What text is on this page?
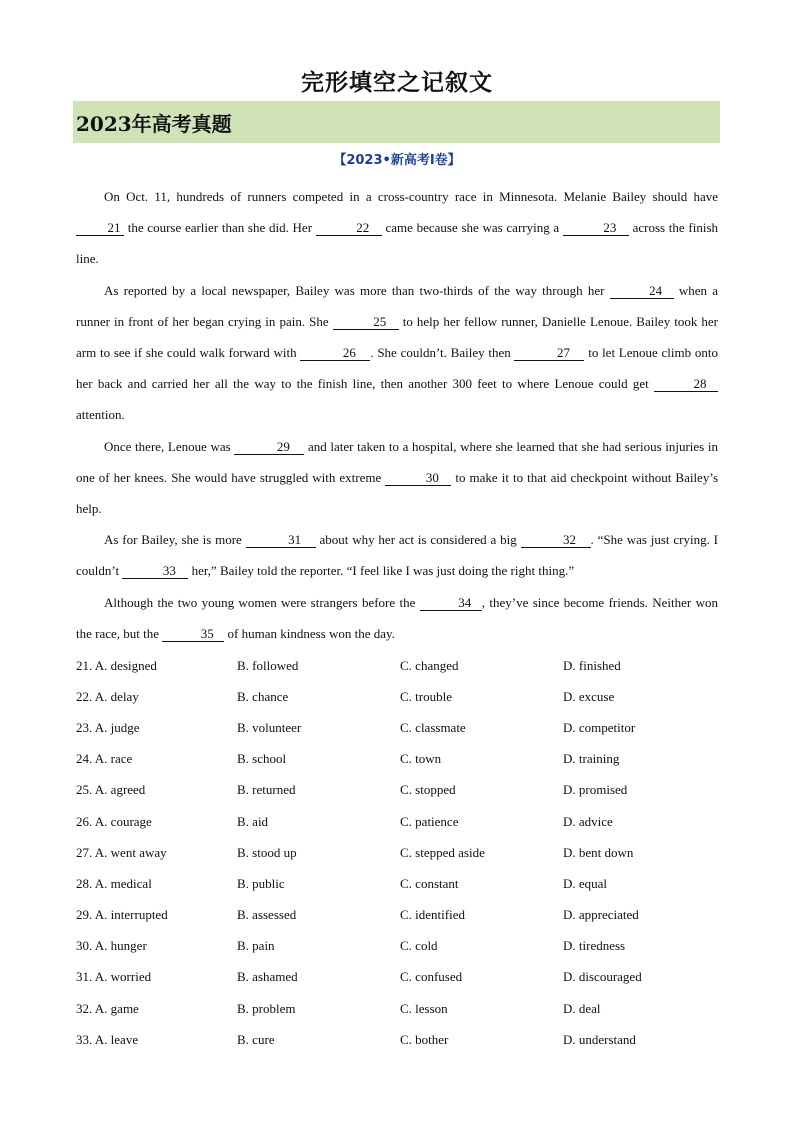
完形填空之记叙文
2023年高考真题
【2023•新高考I卷】

On Oct. 11, hundreds of runners competed in a cross-country race in Minnesota. Melanie Bailey should have 21 the course earlier than she did. Her	22 came because she was carrying a	23 across the finish line.

As reported by a local newspaper, Bailey was more than two-thirds of the way through her	24 when a runner in front of her began crying in pain. She	25 to help her fellow runner, Danielle Lenoue. Bailey took her arm to see if she could walk forward with	26 . She couldn’t. Bailey then	27 to let Lenoue climb onto her back and carried her all the way to the finish line, then another 300 feet to where Lenoue could get	28 attention.

Once there, Lenoue was	29 and later taken to a hospital, where she learned that she had serious injuries in one of her knees. She would have struggled with extreme	30 to make it to that aid checkpoint without Bailey’s help.

As for Bailey, she is more	31 about why her act is considered a big	32 . “She was just crying. I couldn’t	33 her,” Bailey told the reporter. “I feel like I was just doing the right thing.”

Although the two young women were strangers before the	34 , they’ve since become friends. Neither won the race, but the	35 of human kindness won the day.

21. A. designed	B. followed	C. changed	D. finished
22. A. delay	B. chance	C. trouble	D. excuse
23. A. judge	B. volunteer	C. classmate	D. competitor
24. A. race	B. school	C. town	D. training
25. A. agreed	B. returned	C. stopped	D. promised
26. A. courage	B. aid	C. patience	D. advice
27. A. went away	B. stood up	C. stepped aside	D. bent down
28. A. medical	B. public	C. constant	D. equal
29. A. interrupted	B. assessed	C. identified	D. appreciated
30. A. hunger	B. pain	C. cold	D. tiredness
31. A. worried	B. ashamed	C. confused	D. discouraged
32. A. game	B. problem	C. lesson	D. deal
33. A. leave	B. cure	C. bother	D. understand
